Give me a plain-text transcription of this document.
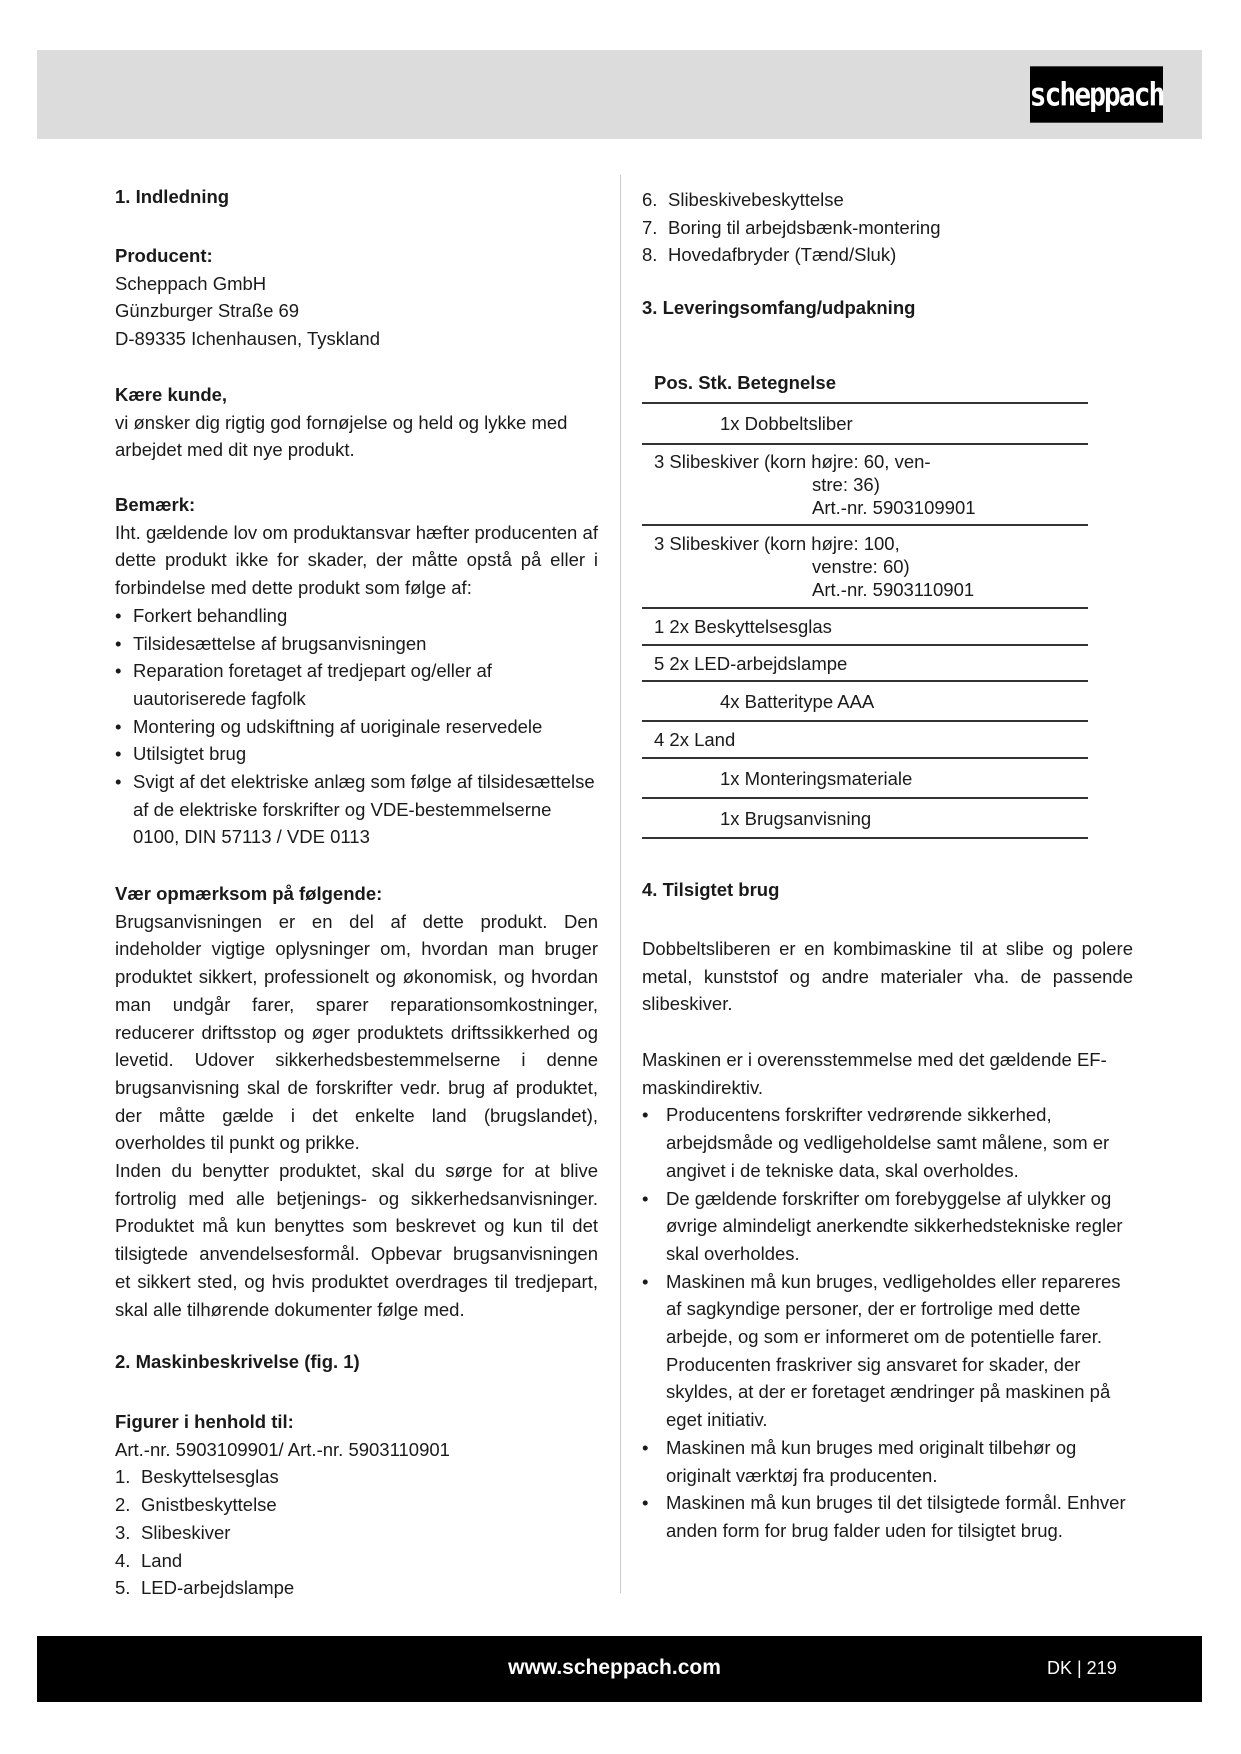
scheppach
1. Indledning

Producent:

Scheppach GmbH

Günzburger Straße 69

D-89335 Ichenhausen, Tyskland

Kære kunde,

vi ønsker dig rigtig god fornøjelse og held og lykke med arbejdet med dit nye produkt.

Bemærk:

Iht. gældende lov om produktansvar hæfter producenten af dette produkt ikke for skader, der måtte opstå på eller i forbindelse med dette produkt som følge af:

• Forkert behandling
• Tilsidesættelse af brugsanvisningen
• Reparation foretaget af tredjepart og/eller af uautoriserede fagfolk
• Montering og udskiftning af uoriginale reservedele
• Utilsigtet brug
• Svigt af det elektriske anlæg som følge af tilsidesættelse af de elektriske forskrifter og VDE-bestemmelserne 0100, DIN 57113 / VDE 0113

Vær opmærksom på følgende:

Brugsanvisningen er en del af dette produkt. Den indeholder vigtige oplysninger om, hvordan man bruger produktet sikkert, professionelt og økonomisk, og hvordan man undgår farer, sparer reparationsomkostninger, reducerer driftsstop og øger produktets driftssikkerhed og levetid. Udover sikkerhedsbestemmelserne i denne brugsanvisning skal de forskrifter vedr. brug af produktet, der måtte gælde i det enkelte land (brugslandet), overholdes til punkt og prikke.

Inden du benytter produktet, skal du sørge for at blive fortrolig med alle betjenings- og sikkerhedsanvisninger. Produktet må kun benyttes som beskrevet og kun til det tilsigtede anvendelsesformål. Opbevar brugsanvisningen et sikkert sted, og hvis produktet overdrages til tredjepart, skal alle tilhørende dokumenter følge med.

2. Maskinbeskrivelse (fig. 1)

Figurer i henhold til:

Art.-nr. 5903109901/ Art.-nr. 5903110901

1. Beskyttelsesglas
2. Gnistbeskyttelse
3. Slibeskiver
4. Land
5. LED-arbejdslampe
6. Slibeskivebeskyttelse
7. Boring til arbejdsbænk-montering
8. Hovedafbryder (Tænd/Sluk)
3. Leveringsomfang/udpakning
Pos. Stk. Betegnelse
1x Dobbeltsliber

3 Slibeskiver (korn højre: 60, ven-
stre: 36)
Art.-nr. 5903109901

3 Slibeskiver (korn højre: 100,
venstre: 60)
Art.-nr. 5903110901

1 2x Beskyttelsesglas
5 2x LED-arbejdslampe
4x Batteritype AAA
4 2x Land
1x Monteringsmateriale
1x Brugsanvisning
4. Tilsigtet brug

Dobbeltsliberen er en kombimaskine til at slibe og polere metal, kunststof og andre materialer vha. de passende slibeskiver.

Maskinen er i overensstemmelse med det gældende EF-maskindirektiv.

• Producentens forskrifter vedrørende sikkerhed, arbejdsmåde og vedligeholdelse samt målene, som er angivet i de tekniske data, skal overholdes.
• De gældende forskrifter om forebyggelse af ulykker og øvrige almindeligt anerkendte sikkerhedstekniske regler skal overholdes.
• Maskinen må kun bruges, vedligeholdes eller repareres af sagkyndige personer, der er fortrolige med dette arbejde, og som er informeret om de potentielle farer. Producenten fraskriver sig ansvaret for skader, der skyldes, at der er foretaget ændringer på maskinen på eget initiativ.
• Maskinen må kun bruges med originalt tilbehør og originalt værktøj fra producenten.
• Maskinen må kun bruges til det tilsigtede formål. Enhver anden form for brug falder uden for tilsigtet brug.
www.scheppach.com	DK | 219
